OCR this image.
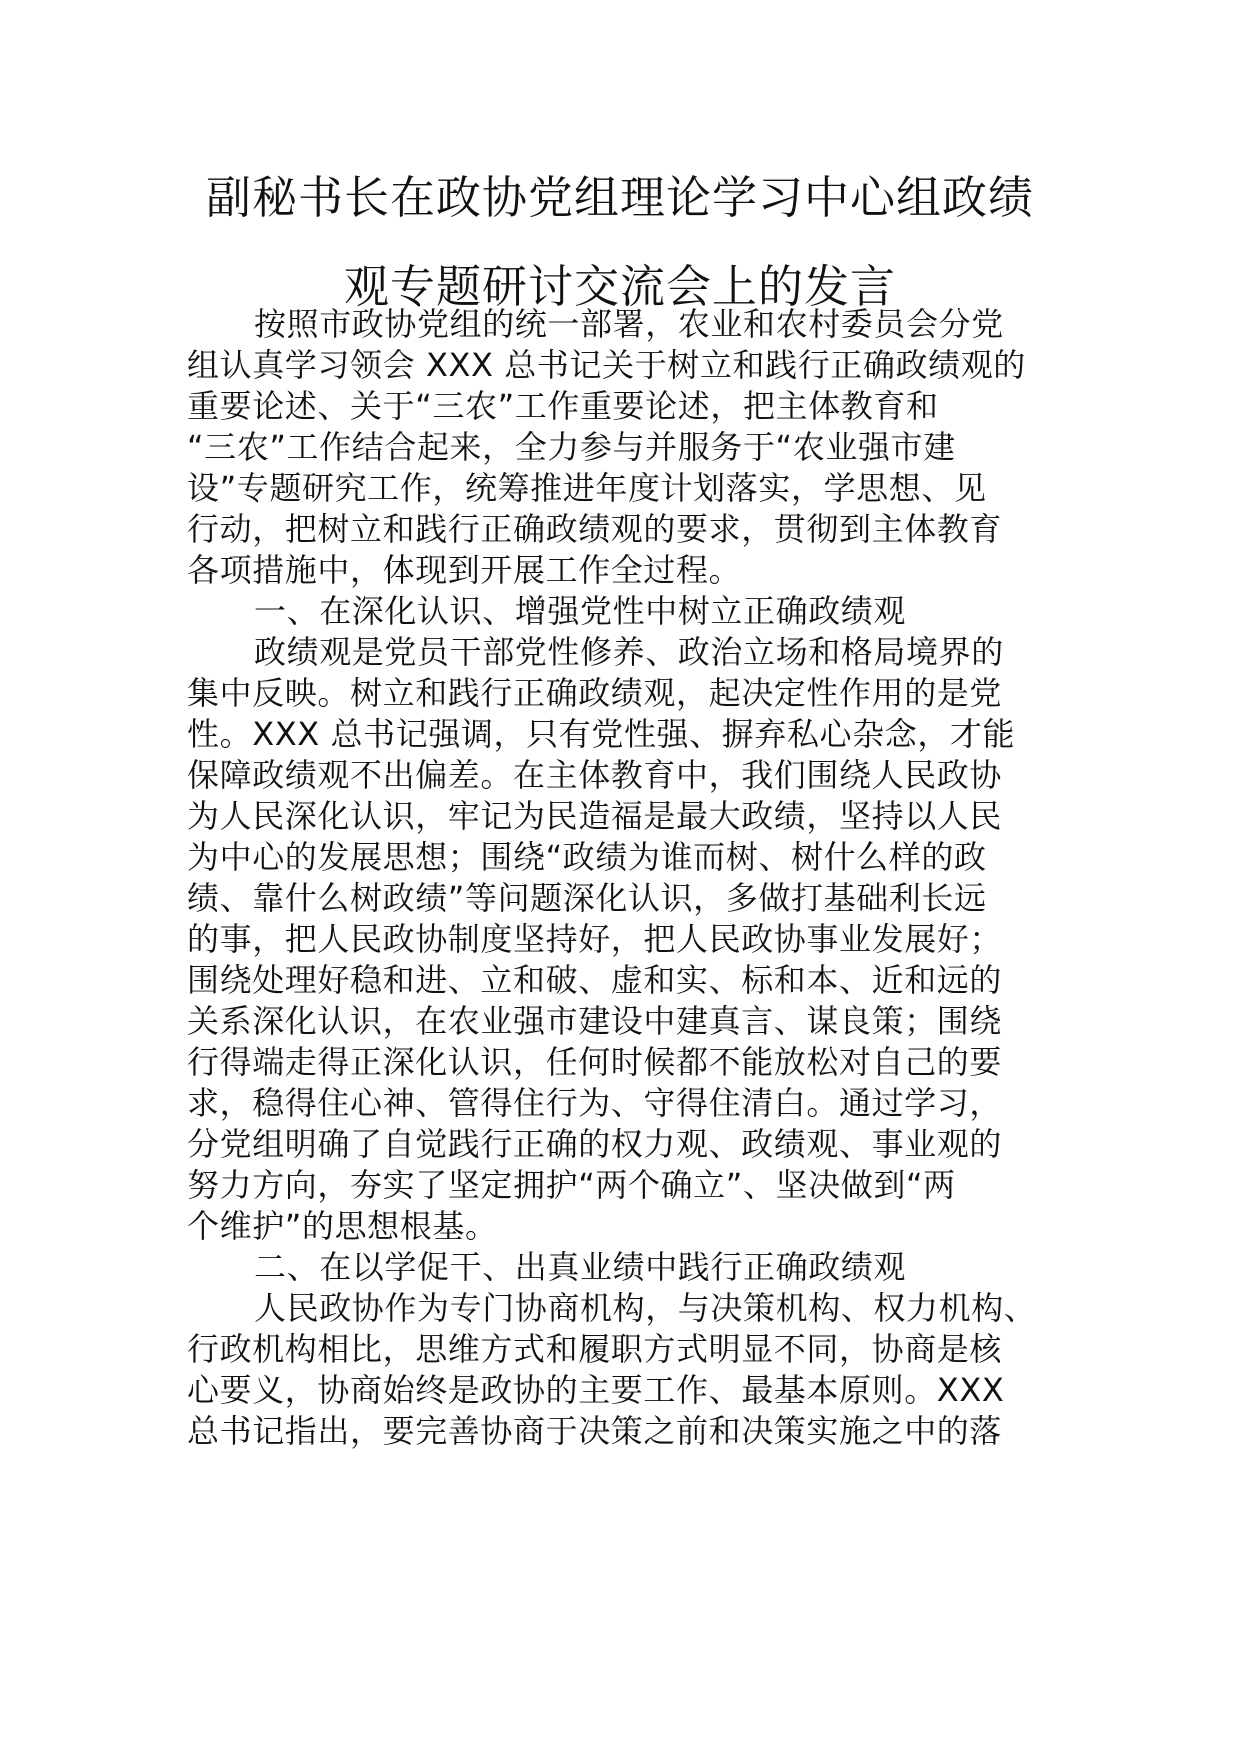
副秘书长在政协党组理论学习中心组政绩
观专题研讨交流会上的发言
按照市政协党组的统一部署，农业和农村委员会分党
组认真学习领会 XXX 总书记关于树立和践行正确政绩观的
重要论述、关于“三农”工作重要论述，把主体教育和
“三农”工作结合起来，全力参与并服务于“农业强市建
设”专题研究工作，统筹推进年度计划落实，学思想、见
行动，把树立和践行正确政绩观的要求，贯彻到主体教育
各项措施中，体现到开展工作全过程。
一、在深化认识、增强党性中树立正确政绩观
政绩观是党员干部党性修养、政治立场和格局境界的
集中反映。树立和践行正确政绩观，起决定性作用的是党
性。XXX 总书记强调，只有党性强、摒弃私心杂念，才能
保障政绩观不出偏差。在主体教育中，我们围绕人民政协
为人民深化认识，牢记为民造福是最大政绩，坚持以人民
为中心的发展思想；围绕“政绩为谁而树、树什么样的政
绩、靠什么树政绩”等问题深化认识，多做打基础利长远
的事，把人民政协制度坚持好，把人民政协事业发展好；
围绕处理好稳和进、立和破、虚和实、标和本、近和远的
关系深化认识，在农业强市建设中建真言、谋良策；围绕
行得端走得正深化认识，任何时候都不能放松对自己的要
求，稳得住心神、管得住行为、守得住清白。通过学习，
分党组明确了自觉践行正确的权力观、政绩观、事业观的
努力方向，夯实了坚定拥护“两个确立”、坚决做到“两
个维护”的思想根基。
二、在以学促干、出真业绩中践行正确政绩观
人民政协作为专门协商机构，与决策机构、权力机构、
行政机构相比，思维方式和履职方式明显不同，协商是核
心要义，协商始终是政协的主要工作、最基本原则。XXX
总书记指出，要完善协商于决策之前和决策实施之中的落
